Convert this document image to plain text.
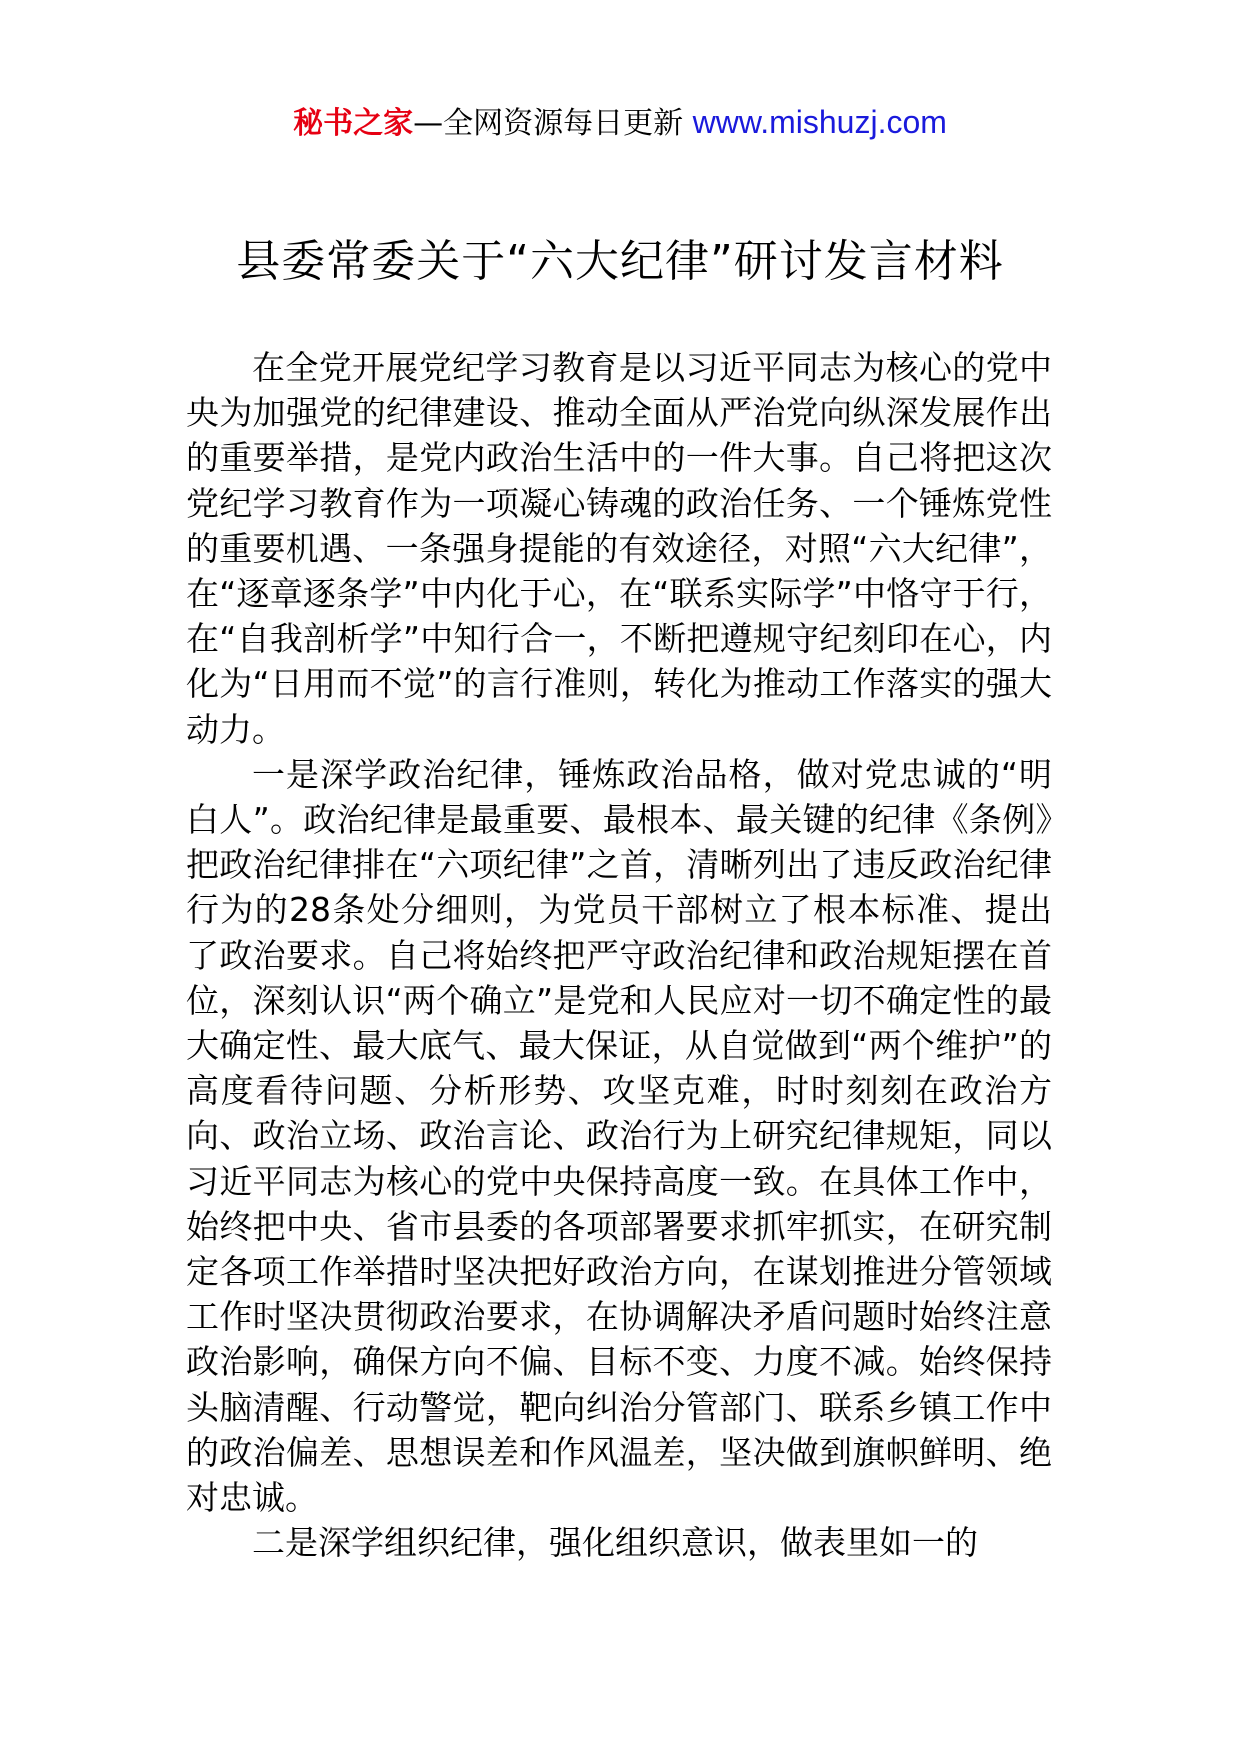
秘书之家—全网资源每日更新 www.mishuzj.com
县委常委关于“六大纪律”研讨发言材料

在全党开展党纪学习教育是以习近平同志为核心的党中央为加强党的纪律建设、推动全面从严治党向纵深发展作出的重要举措，是党内政治生活中的一件大事。自己将把这次党纪学习教育作为一项凝心铸魂的政治任务、一个锤炼党性的重要机遇、一条强身提能的有效途径，对照“六大纪律”，在“逐章逐条学”中内化于心，在“联系实际学”中恪守于行，在“自我剖析学”中知行合一，不断把遵规守纪刻印在心，内化为“日用而不觉”的言行准则，转化为推动工作落实的强大动力。

一是深学政治纪律，锤炼政治品格，做对党忠诚的“明白人”。政治纪律是最重要、最根本、最关键的纪律《条例》把政治纪律排在“六项纪律”之首，清晰列出了违反政治纪律行为的28条处分细则，为党员干部树立了根本标准、提出了政治要求。自己将始终把严守政治纪律和政治规矩摆在首位，深刻认识“两个确立”是党和人民应对一切不确定性的最大确定性、最大底气、最大保证，从自觉做到“两个维护”的高度看待问题、分析形势、攻坚克难，时时刻刻在政治方向、政治立场、政治言论、政治行为上研究纪律规矩，同以习近平同志为核心的党中央保持高度一致。在具体工作中，始终把中央、省市县委的各项部署要求抓牢抓实，在研究制定各项工作举措时坚决把好政治方向，在谋划推进分管领域工作时坚决贯彻政治要求，在协调解决矛盾问题时始终注意政治影响，确保方向不偏、目标不变、力度不减。始终保持头脑清醒、行动警觉，靶向纠治分管部门、联系乡镇工作中的政治偏差、思想误差和作风温差，坚决做到旗帜鲜明、绝对忠诚。

二是深学组织纪律，强化组织意识，做表里如一的
